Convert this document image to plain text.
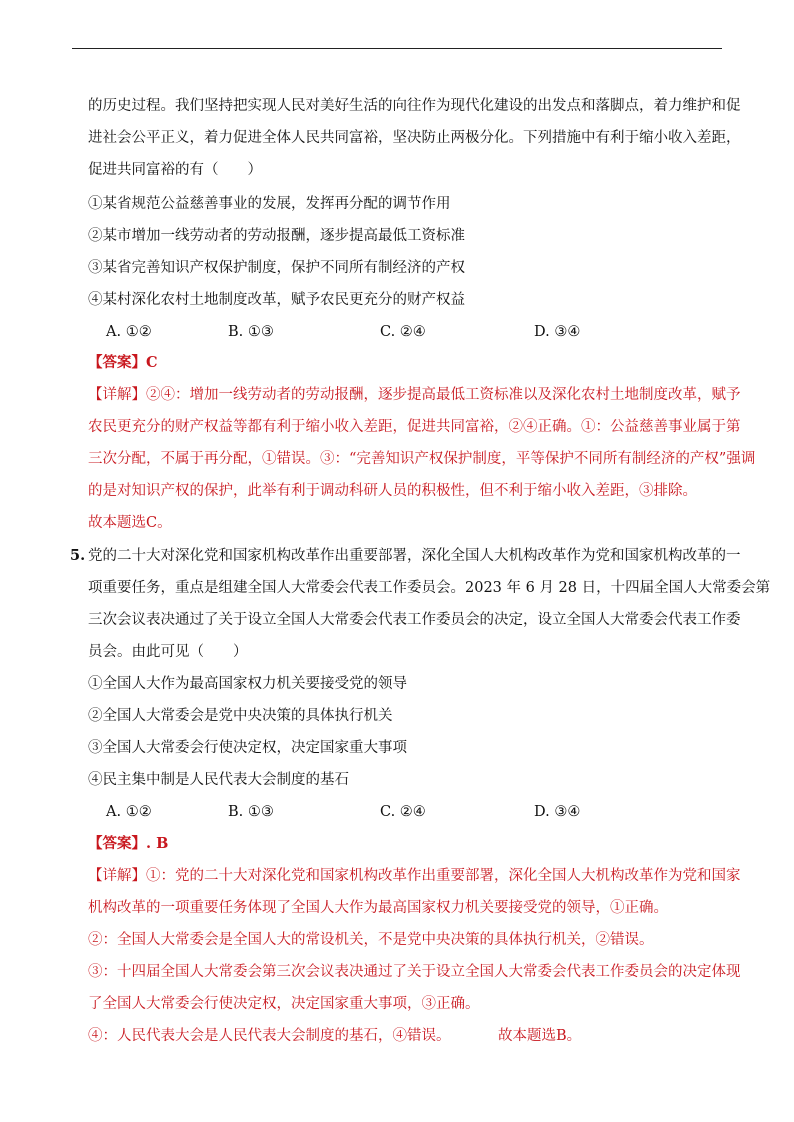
的历史过程。我们坚持把实现人民对美好生活的向往作为现代化建设的出发点和落脚点，着力维护和促
进社会公平正义，着力促进全体人民共同富裕，坚决防止两极分化。下列措施中有利于缩小收入差距，
促进共同富裕的有（　　）
①某省规范公益慈善事业的发展，发挥再分配的调节作用
②某市增加一线劳动者的劳动报酬，逐步提高最低工资标准
③某省完善知识产权保护制度，保护不同所有制经济的产权
④某村深化农村土地制度改革，赋予农民更充分的财产权益
A. ①②	B. ①③	C. ②④	D. ③④
【答案】C
【详解】②④：增加一线劳动者的劳动报酬，逐步提高最低工资标准以及深化农村土地制度改革，赋予
农民更充分的财产权益等都有利于缩小收入差距，促进共同富裕，②④正确。①：公益慈善事业属于第
三次分配，不属于再分配，①错误。③：“完善知识产权保护制度，平等保护不同所有制经济的产权”强调
的是对知识产权的保护，此举有利于调动科研人员的积极性，但不利于缩小收入差距，③排除。
故本题选C。
5. 党的二十大对深化党和国家机构改革作出重要部署，深化全国人大机构改革作为党和国家机构改革的一
项重要任务，重点是组建全国人大常委会代表工作委员会。2023 年 6 月 28 日，十四届全国人大常委会第
三次会议表决通过了关于设立全国人大常委会代表工作委员会的决定，设立全国人大常委会代表工作委
员会。由此可见（　　）
①全国人大作为最高国家权力机关要接受党的领导
②全国人大常委会是党中央决策的具体执行机关
③全国人大常委会行使决定权，决定国家重大事项
④民主集中制是人民代表大会制度的基石
A. ①②	B. ①③	C. ②④	D. ③④
【答案】. B
【详解】①：党的二十大对深化党和国家机构改革作出重要部署，深化全国人大机构改革作为党和国家
机构改革的一项重要任务体现了全国人大作为最高国家权力机关要接受党的领导，①正确。
②：全国人大常委会是全国人大的常设机关，不是党中央决策的具体执行机关，②错误。
③：十四届全国人大常委会第三次会议表决通过了关于设立全国人大常委会代表工作委员会的决定体现
了全国人大常委会行使决定权，决定国家重大事项，③正确。
④：人民代表大会是人民代表大会制度的基石，④错误。	故本题选B。
